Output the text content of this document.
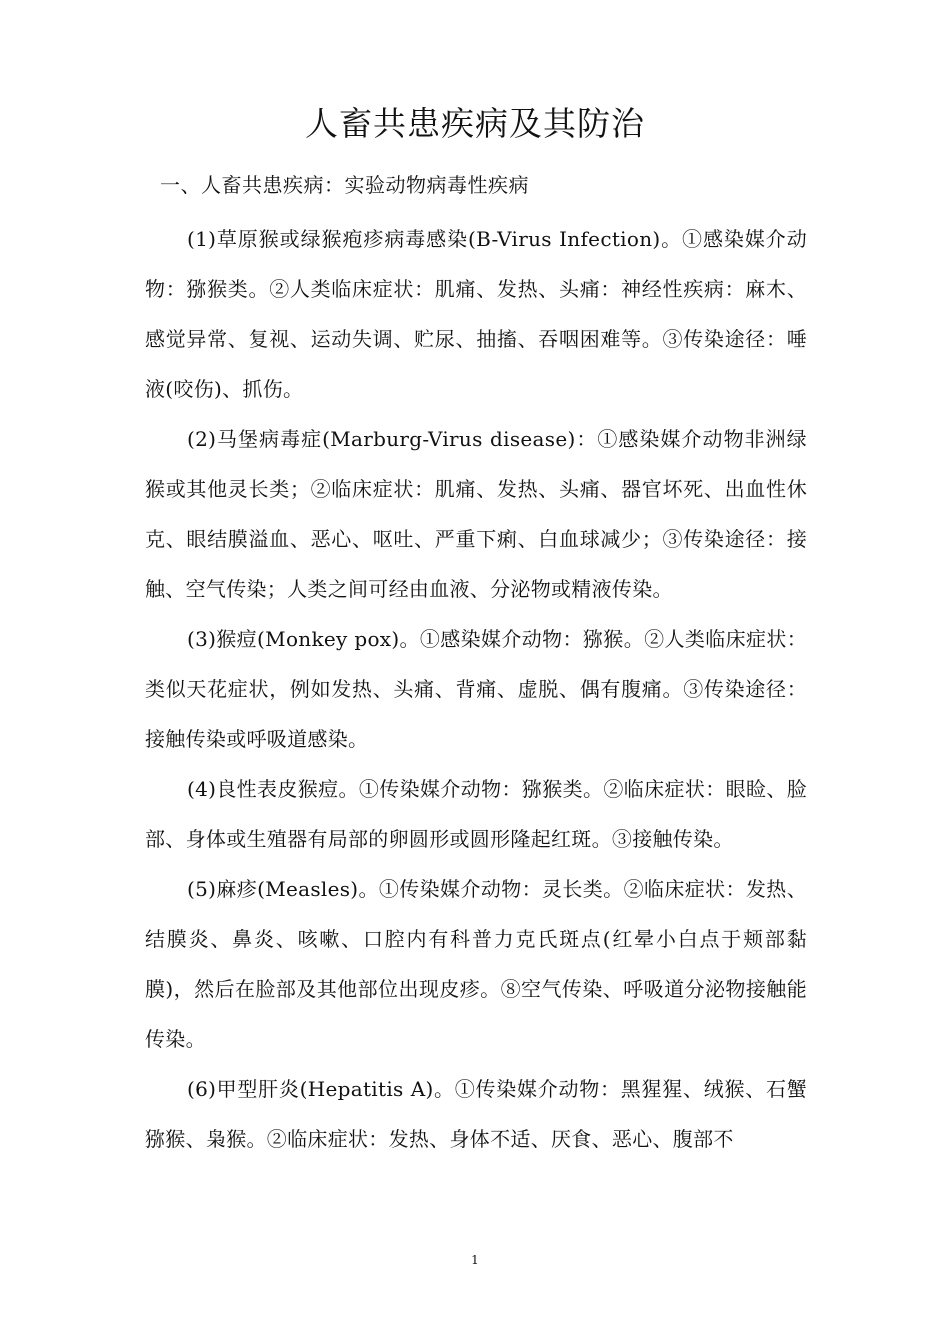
人畜共患疾病及其防治
一、人畜共患疾病：实验动物病毒性疾病

(1)草原猴或绿猴疱疹病毒感染(B-Virus Infection)。①感染媒介动物：猕猴类。②人类临床症状：肌痛、发热、头痛：神经性疾病：麻木、感觉异常、复视、运动失调、贮尿、抽搐、吞咽困难等。③传染途径：唾液(咬伤)、抓伤。

(2)马堡病毒症(Marburg-Virus disease)：①感染媒介动物非洲绿猴或其他灵长类；②临床症状：肌痛、发热、头痛、器官坏死、出血性休克、眼结膜溢血、恶心、呕吐、严重下痢、白血球减少；③传染途径：接触、空气传染；人类之间可经由血液、分泌物或精液传染。

(3)猴痘(Monkey pox)。①感染媒介动物：猕猴。②人类临床症状：类似天花症状，例如发热、头痛、背痛、虚脱、偶有腹痛。③传染途径：接触传染或呼吸道感染。

(4)良性表皮猴痘。①传染媒介动物：猕猴类。②临床症状：眼睑、脸部、身体或生殖器有局部的卵圆形或圆形隆起红斑。③接触传染。

(5)麻疹(Measles)。①传染媒介动物：灵长类。②临床症状：发热、结膜炎、鼻炎、咳嗽、口腔内有科普力克氏斑点(红晕小白点于颊部黏膜)，然后在脸部及其他部位出现皮疹。⑧空气传染、呼吸道分泌物接触能传染。

(6)甲型肝炎(Hepatitis A)。①传染媒介动物：黑猩猩、绒猴、石蟹猕猴、枭猴。②临床症状：发热、身体不适、厌食、恶心、腹部不

1
